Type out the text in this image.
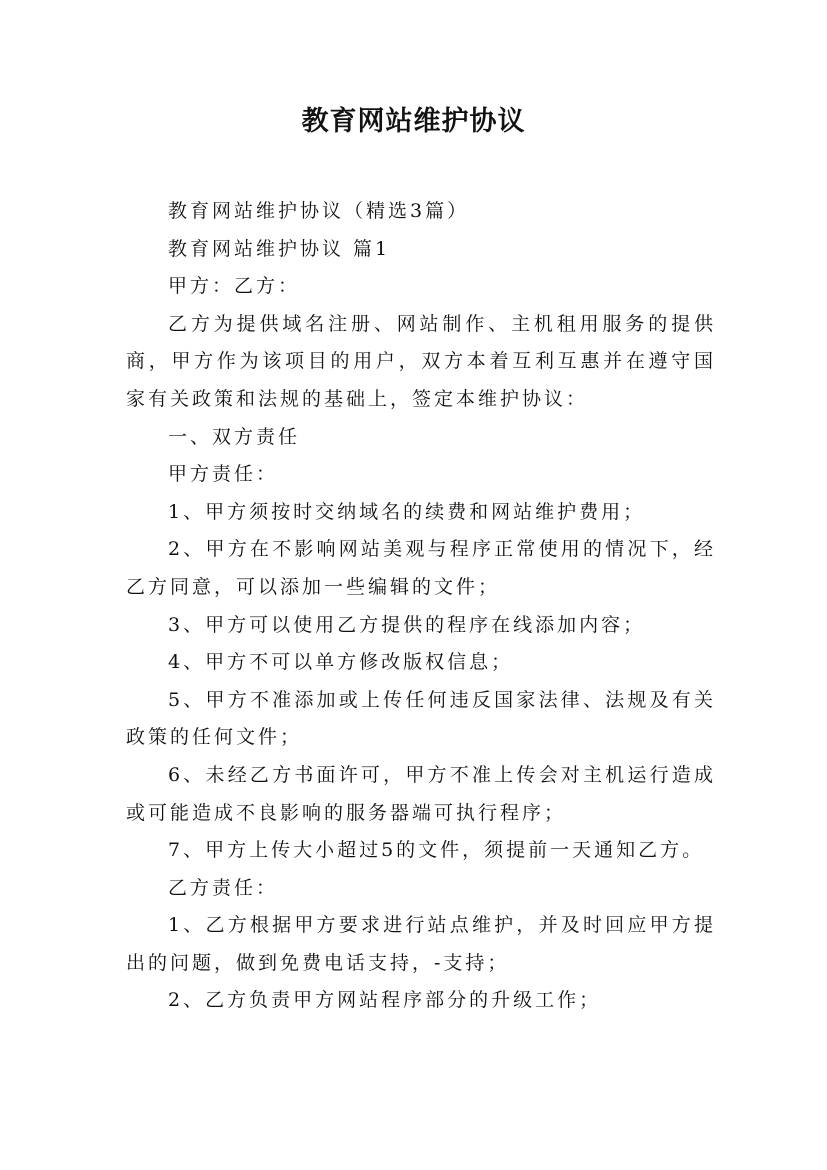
教育网站维护协议

教育网站维护协议（精选3篇）

教育网站维护协议 篇1

甲方：乙方：

乙方为提供域名注册、网站制作、主机租用服务的提供商，甲方作为该项目的用户，双方本着互利互惠并在遵守国家有关政策和法规的基础上，签定本维护协议：

一、双方责任

甲方责任：

1、甲方须按时交纳域名的续费和网站维护费用；

2、甲方在不影响网站美观与程序正常使用的情况下，经乙方同意，可以添加一些编辑的文件；

3、甲方可以使用乙方提供的程序在线添加内容；

4、甲方不可以单方修改版权信息；

5、甲方不准添加或上传任何违反国家法律、法规及有关政策的任何文件；

6、未经乙方书面许可，甲方不准上传会对主机运行造成或可能造成不良影响的服务器端可执行程序；

7、甲方上传大小超过5的文件，须提前一天通知乙方。

乙方责任：

1、乙方根据甲方要求进行站点维护，并及时回应甲方提出的问题，做到免费电话支持，-支持；

2、乙方负责甲方网站程序部分的升级工作；
